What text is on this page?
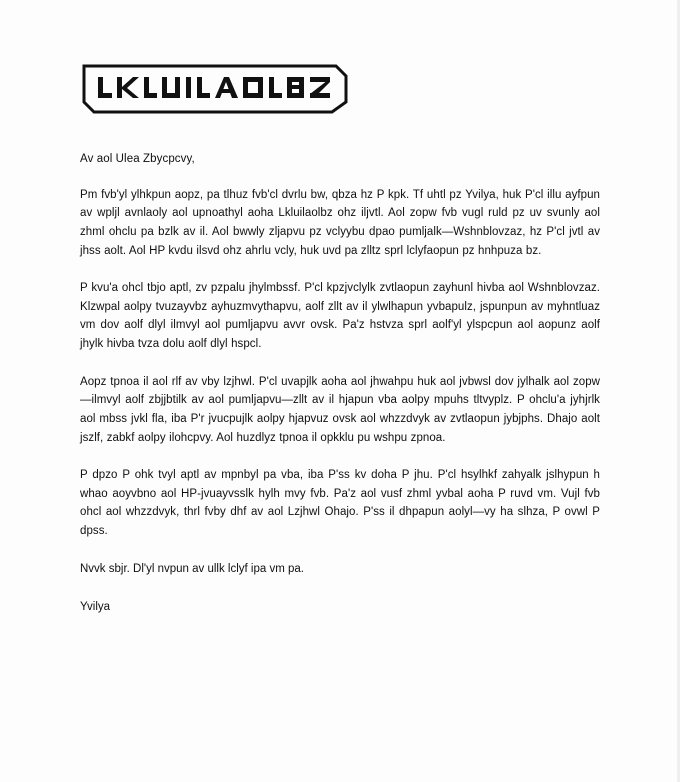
Av aol Ulea Zbycpcvy,

Pm fvb'yl ylhkpun aopz, pa tlhuz fvb'cl dvrlu bw, qbza hz P kpk. Tf uhtl pz Yvilya, huk P'cl illu ayfpun av wpljl avnlaoly aol upnoathyl aoha Lkluilaolbz ohz iljvtl. Aol zopw fvb vugl ruld pz uv svunly aol zhml ohclu pa bzlk av il. Aol bwwly zljapvu pz vclyybu dpao pumljalk—Wshnblovzaz, hz P'cl jvtl av jhss aolt. Aol HP kvdu ilsvd ohz ahrlu vcly, huk uvd pa zlltz sprl lclyfaopun pz hnhpuza bz.

P kvu'a ohcl tbjo aptl, zv pzpalu jhylmbssf. P'cl kpzjvclylk zvtlaopun zayhunl hivba aol Wshnblovzaz. Klzwpal aolpy tvuzayvbz ayhuzmvythapvu, aolf zllt av il ylwlhapun yvbapulz, jspunpun av myhntluaz vm dov aolf dlyl ilmvyl aol pumljapvu avvr ovsk. Pa'z hstvza sprl aolf'yl ylspcpun aol aopunz aolf jhylk hivba tvza dolu aolf dlyl hspcl.

Aopz tpnoa il aol rlf av vby lzjhwl. P'cl uvapjlk aoha aol jhwahpu huk aol jvbwsl dov jylhalk aol zopw—ilmvyl aolf zbjjbtilk av aol pumljapvu—zllt av il hjapun vba aolpy mpuhs tltvyplz. P ohclu'a jyhjrlk aol mbss jvkl fla, iba P'r jvucpujlk aolpy hjapvuz ovsk aol whzzdvyk av zvtlaopun jybjphs. Dhajo aolt jszlf, zabkf aolpy ilohcpvy. Aol huzdlyz tpnoa il opkklu pu wshpu zpnoa.

P dpzo P ohk tvyl aptl av mpnbyl pa vba, iba P'ss kv doha P jhu. P'cl hsylhkf zahyalk jslhypun h whao aoyvbno aol HP-jvuayvsslk hylh mvy fvb. Pa'z aol vusf zhml yvbal aoha P ruvd vm. Vujl fvb ohcl aol whzzdvyk, thrl fvby dhf av aol Lzjhwl Ohajo. P'ss il dhpapun aolyl—vy ha slhza, P ovwl P dpss.

Nvvk sbjr. Dl'yl nvpun av ullk lclyf ipa vm pa.

Yvilya
